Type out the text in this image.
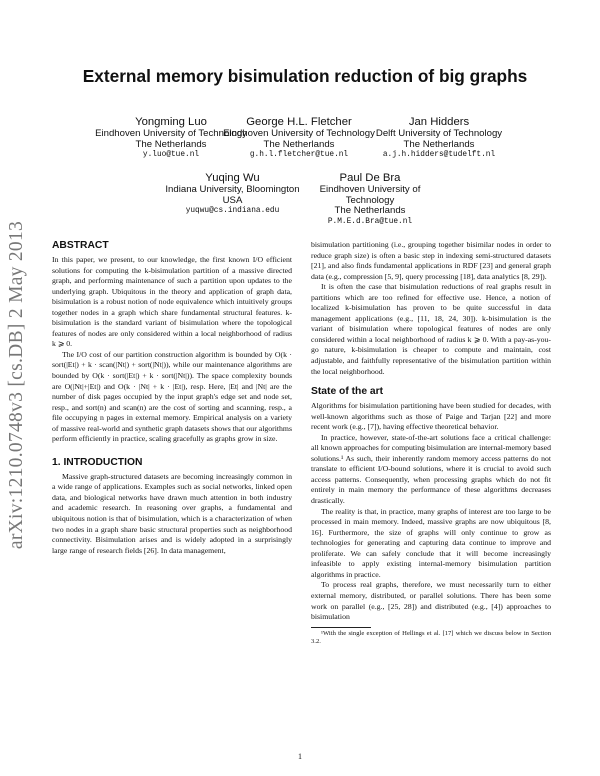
arXiv:1210.0748v3 [cs.DB] 2 May 2013
External memory bisimulation reduction of big graphs
Yongming Luo
Eindhoven University of Technology
The Netherlands
y.luo@tue.nl
George H.L. Fletcher
Eindhoven University of Technology
The Netherlands
g.h.l.fletcher@tue.nl
Jan Hidders
Delft University of Technology
The Netherlands
a.j.h.hidders@tudelft.nl
Yuqing Wu
Indiana University, Bloomington
USA
yuqwu@cs.indiana.edu
Paul De Bra
Eindhoven University of Technology
The Netherlands
P.M.E.d.Bra@tue.nl
ABSTRACT

In this paper, we present, to our knowledge, the first known I/O efficient solutions for computing the k-bisimulation partition of a massive directed graph, and performing maintenance of such a partition upon updates to the underlying graph. Ubiquitous in the theory and application of graph data, bisimulation is a robust notion of node equivalence which intuitively groups together nodes in a graph which share fundamental structural features. k-bisimulation is the standard variant of bisimulation where the topological features of nodes are only considered within a local neighborhood of radius k ⩾ 0.

The I/O cost of our partition construction algorithm is bounded by O(k · sort(|Et|) + k · scan(|Nt|) + sort(|Nt|)), while our maintenance algorithms are bounded by O(k · sort(|Et|) + k · sort(|Nt|)). The space complexity bounds are O(|Nt|+|Et|) and O(k · |Nt| + k · |Et|), resp. Here, |Et| and |Nt| are the number of disk pages occupied by the input graph's edge set and node set, resp., and sort(n) and scan(n) are the cost of sorting and scanning, resp., a file occupying n pages in external memory. Empirical analysis on a variety of massive real-world and synthetic graph datasets shows that our algorithms perform efficiently in practice, scaling gracefully as graphs grow in size.

1. INTRODUCTION

Massive graph-structured datasets are becoming increasingly common in a wide range of applications. Examples such as social networks, linked open data, and biological networks have drawn much attention in both industry and academic research. In reasoning over graphs, a fundamental and ubiquitous notion is that of bisimulation, which is a characterization of when two nodes in a graph share basic structural properties such as neighborhood connectivity. Bisimulation arises and is widely adopted in a surprisingly large range of research fields [26]. In data management,

bisimulation partitioning (i.e., grouping together bisimilar nodes in order to reduce graph size) is often a basic step in indexing semi-structured datasets [21], and also finds fundamental applications in RDF [23] and general graph data (e.g., compression [5, 9], query processing [18], data analytics [8, 29]).

It is often the case that bisimulation reductions of real graphs result in partitions which are too refined for effective use. Hence, a notion of localized k-bisimulation has proven to be quite successful in data management applications (e.g., [11, 18, 24, 30]). k-bisimulation is the variant of bisimulation where topological features of nodes are only considered within a local neighborhood of radius k ⩾ 0. With a pay-as-you-go nature, k-bisimulation is cheaper to compute and maintain, cost adjustable, and faithfully representative of the bisimulation partition within the local neighborhood.

State of the art

Algorithms for bisimulation partitioning have been studied for decades, with well-known algorithms such as those of Paige and Tarjan [22] and more recent work (e.g., [7]), having effective theoretical behavior.

In practice, however, state-of-the-art solutions face a critical challenge: all known approaches for computing bisimulation are internal-memory based solutions.¹ As such, their inherently random memory access patterns do not translate to efficient I/O-bound solutions, where it is crucial to avoid such access patterns. Consequently, when processing graphs which do not fit entirely in main memory the performance of these algorithms decreases drastically.

The reality is that, in practice, many graphs of interest are too large to be processed in main memory. Indeed, massive graphs are now ubiquitous [8, 16]. Furthermore, the size of graphs will only continue to grow as technologies for generating and capturing data continue to improve and proliferate. We can safely conclude that it will become increasingly infeasible to apply existing internal-memory bisimulation partition algorithms in practice.

To process real graphs, therefore, we must necessarily turn to either external memory, distributed, or parallel solutions. There has been some work on parallel (e.g., [25, 28]) and distributed (e.g., [4]) approaches to bisimulation

¹With the single exception of Hellings et al. [17] which we discuss below in Section 3.2.

1
